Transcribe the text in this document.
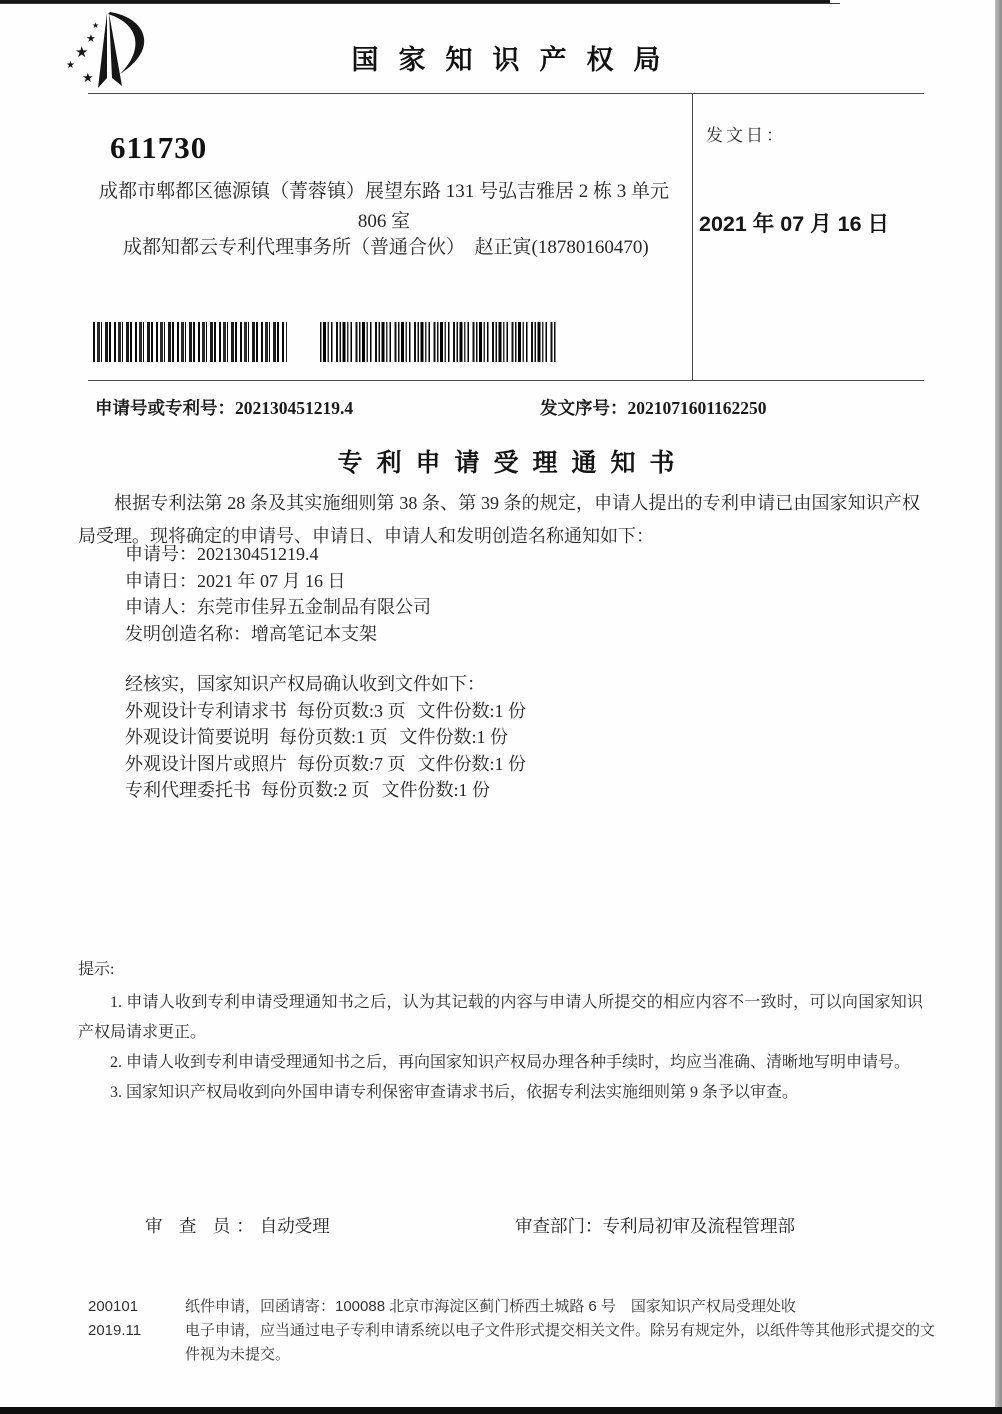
★
★
★
★
★
国家知识产权局
611730
成都市郫都区德源镇（菁蓉镇）展望东路 131 号弘吉雅居 2 栋 3 单元
806 室
成都知都云专利代理事务所（普通合伙）　赵正寅(18780160470)
发文日：
2021 年 07 月 16 日
申请号或专利号：202130451219.4	发文序号：2021071601162250
专利申请受理通知书

根据专利法第 28 条及其实施细则第 38 条、第 39 条的规定，申请人提出的专利申请已由国家知识产权局受理。现将确定的申请号、申请日、申请人和发明创造名称通知如下：

申请号：202130451219.4
申请日：2021 年 07 月 16 日
申请人：东莞市佳昇五金制品有限公司
发明创造名称：增高笔记本支架
经核实，国家知识产权局确认收到文件如下：
外观设计专利请求书 每份页数:3 页 文件份数:1 份
外观设计简要说明 每份页数:1 页 文件份数:1 份
外观设计图片或照片 每份页数:7 页 文件份数:1 份
专利代理委托书 每份页数:2 页 文件份数:1 份

提示:

1. 申请人收到专利申请受理通知书之后，认为其记载的内容与申请人所提交的相应内容不一致时，可以向国家知识产权局请求更正。

2. 申请人收到专利申请受理通知书之后，再向国家知识产权局办理各种手续时，均应当准确、清晰地写明申请号。

3. 国家知识产权局收到向外国申请专利保密审查请求书后，依据专利法实施细则第 9 条予以审查。

审 查 员：自动受理	审查部门：专利局初审及流程管理部
200101
2019.11
纸件申请，回函请寄：100088 北京市海淀区蓟门桥西土城路 6 号　国家知识产权局受理处收
电子申请，应当通过电子专利申请系统以电子文件形式提交相关文件。除另有规定外，以纸件等其他形式提交的文件视为未提交。
